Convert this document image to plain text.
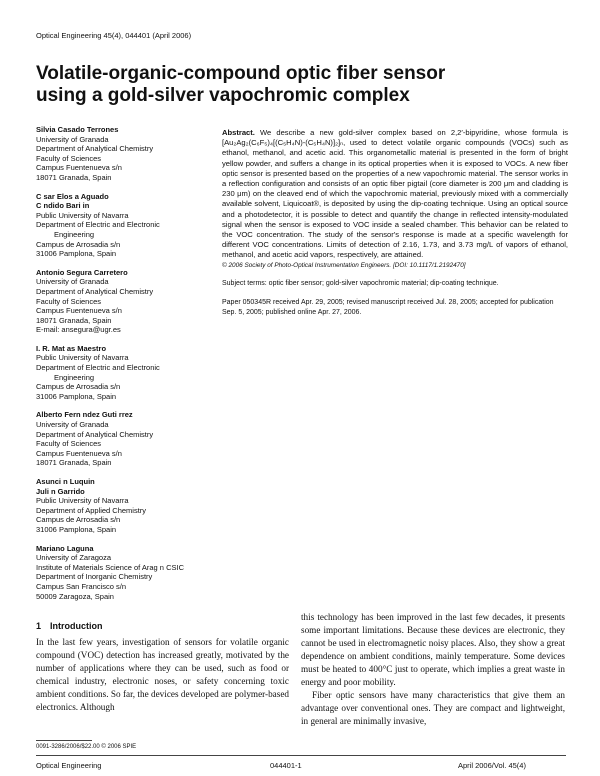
Optical Engineering 45(4), 044401 (April 2006)
Volatile-organic-compound optic fiber sensor
using a gold-silver vapochromic complex
Silvia Casado Terrones
University of Granada
Department of Analytical Chemistry
Faculty of Sciences
Campus Fuentenueva s/n
18071 Granada, Spain
C sar Elos a Aguado
C ndido Bari in
Public University of Navarra
Department of Electric and Electronic
Engineering
Campus de Arrosadia s/n
31006 Pamplona, Spain
Antonio Segura Carretero
University of Granada
Department of Analytical Chemistry
Faculty of Sciences
Campus Fuentenueva s/n
18071 Granada, Spain
E-mail: ansegura@ugr.es
I. R. Mat as Maestro
Public University of Navarra
Department of Electric and Electronic
Engineering
Campus de Arrosadia s/n
31006 Pamplona, Spain
Alberto Fern ndez Guti rrez
University of Granada
Department of Analytical Chemistry
Faculty of Sciences
Campus Fuentenueva s/n
18071 Granada, Spain
Asunci n Luquin
Juli n Garrido
Public University of Navarra
Department of Applied Chemistry
Campus de Arrosadia s/n
31006 Pamplona, Spain
Mariano Laguna
University of Zaragoza
Institute of Materials Science of Arag n CSIC
Department of Inorganic Chemistry
Campus San Francisco s/n
50009 Zaragoza, Spain

Abstract. We describe a new gold-silver complex based on 2,2′-bipyridine, whose formula is [Au₂Ag₂(C₆F₅)₄[(C₅H₄N)-(C₅H₄N)]₂]ₙ, used to detect volatile organic compounds (VOCs) such as ethanol, methanol, and acetic acid. This organometallic material is presented in the form of bright yellow powder, and suffers a change in its optical properties when it is exposed to VOCs. A new fiber optic sensor is presented based on the properties of a new vapochromic material. The sensor works in a reflection configuration and consists of an optic fiber pigtail (core diameter is 200 μm and cladding is 230 μm) on the cleaved end of which the vapochromic material, previously mixed with a commercially available solvent, Liquicoat®, is deposited by using the dip-coating technique. Using an optical source and a photodetector, it is possible to detect and quantify the change in reflected intensity-modulated signal when the sensor is exposed to VOC inside a sealed chamber. This behavior can be related to the VOC concentration. The study of the sensor's response is made at a specific wavelength for different VOC concentrations. Limits of detection of 2.16, 1.73, and 3.73 mg/L of vapors of ethanol, methanol, and acetic acid vapors, respectively, are attained.

© 2006 Society of Photo-Optical Instrumentation Engineers. [DOI: 10.1117/1.2192470]

Subject terms: optic fiber sensor; gold-silver vapochromic material; dip-coating technique.

Paper 050345R received Apr. 29, 2005; revised manuscript received Jul. 28, 2005; accepted for publication Sep. 5, 2005; published online Apr. 27, 2006.

1 Introduction

In the last few years, investigation of sensors for volatile organic compound (VOC) detection has increased greatly, motivated by the number of applications where they can be used, such as food or chemical industry, electronic noses, or safety concerning toxic ambient conditions. So far, the devices developed are polymer-based electronics. Although

this technology has been improved in the last few decades, it presents some important limitations. Because these devices are electronic, they cannot be used in electromagnetic noisy places. Also, they show a great dependence on ambient conditions, mainly temperature. Some devices must be heated to 400°C just to operate, which implies a great waste in energy and poor mobility.

Fiber optic sensors have many characteristics that give them an advantage over conventional ones. They are compact and lightweight, in general are minimally invasive,

0091-3286/2006/$22.00 © 2006 SPIE
Optical Engineering	044401-1	April 2006/Vol. 45(4)
